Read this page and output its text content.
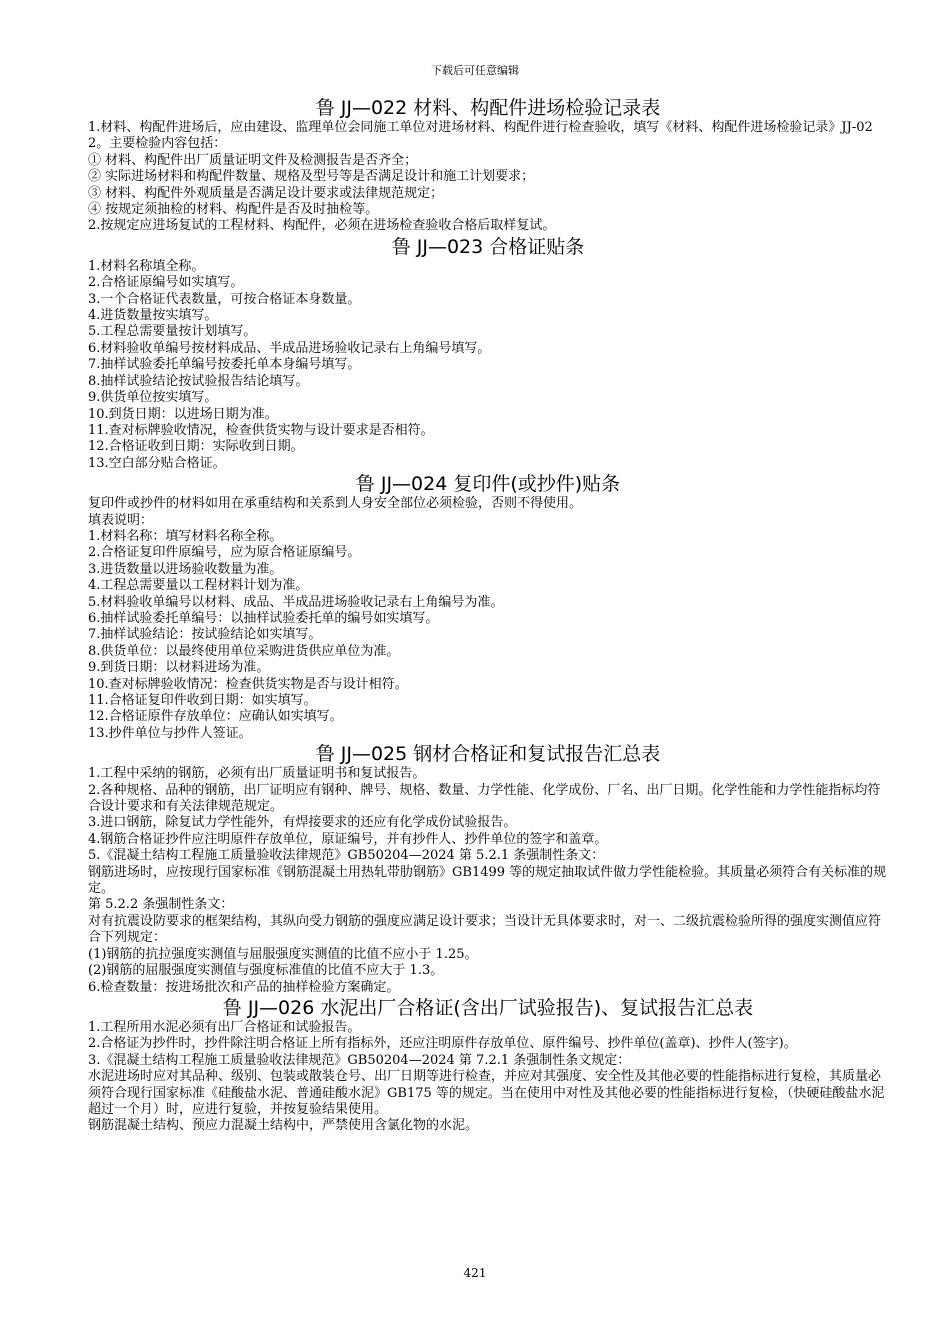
下载后可任意编辑
鲁 JJ—022 材料、构配件进场检验记录表

1.材料、构配件进场后，应由建设、监理单位会同施工单位对进场材料、构配件进行检查验收，填写《材料、构配件进场检验记录》JJ-022。主要检验内容包括：

① 材料、构配件出厂质量证明文件及检测报告是否齐全；

② 实际进场材料和构配件数量、规格及型号等是否满足设计和施工计划要求；

③ 材料、构配件外观质量是否满足设计要求或法律规范规定；

④ 按规定须抽检的材料、构配件是否及时抽检等。

2.按规定应进场复试的工程材料、构配件，必须在进场检查验收合格后取样复试。

鲁 JJ—023 合格证贴条

1.材料名称填全称。

2.合格证原编号如实填写。

3.一个合格证代表数量，可按合格证本身数量。

4.进货数量按实填写。

5.工程总需要量按计划填写。

6.材料验收单编号按材料成品、半成品进场验收记录右上角编号填写。

7.抽样试验委托单编号按委托单本身编号填写。

8.抽样试验结论按试验报告结论填写。

9.供货单位按实填写。

10.到货日期：以进场日期为准。

11.查对标牌验收情况，检查供货实物与设计要求是否相符。

12.合格证收到日期：实际收到日期。

13.空白部分贴合格证。

鲁 JJ—024 复印件(或抄件)贴条

复印件或抄件的材料如用在承重结构和关系到人身安全部位必须检验，否则不得使用。

填表说明：

1.材料名称：填写材料名称全称。

2.合格证复印件原编号，应为原合格证原编号。

3.进货数量以进场验收数量为准。

4.工程总需要量以工程材料计划为准。

5.材料验收单编号以材料、成品、半成品进场验收记录右上角编号为准。

6.抽样试验委托单编号：以抽样试验委托单的编号如实填写。

7.抽样试验结论：按试验结论如实填写。

8.供货单位：以最终使用单位采购进货供应单位为准。

9.到货日期：以材料进场为准。

10.查对标牌验收情况：检查供货实物是否与设计相符。

11.合格证复印件收到日期：如实填写。

12.合格证原件存放单位：应确认如实填写。

13.抄件单位与抄件人签证。

鲁 JJ—025 钢材合格证和复试报告汇总表

1.工程中采纳的钢筋，必须有出厂质量证明书和复试报告。

2.各种规格、品种的钢筋，出厂证明应有钢种、牌号、规格、数量、力学性能、化学成份、厂名、出厂日期。化学性能和力学性能指标均符合设计要求和有关法律规范规定。

3.进口钢筋，除复试力学性能外，有焊接要求的还应有化学成份试验报告。

4.钢筋合格证抄件应注明原件存放单位，原证编号，并有抄件人、抄件单位的签字和盖章。

5.《混凝土结构工程施工质量验收法律规范》GB50204—2024 第 5.2.1 条强制性条文：

钢筋进场时，应按现行国家标准《钢筋混凝土用热轧带肋钢筋》GB1499 等的规定抽取试件做力学性能检验。其质量必须符合有关标准的规定。

第 5.2.2 条强制性条文：

对有抗震设防要求的框架结构，其纵向受力钢筋的强度应满足设计要求；当设计无具体要求时，对一、二级抗震检验所得的强度实测值应符合下列规定：

(1)钢筋的抗拉强度实测值与屈服强度实测值的比值不应小于 1.25。

(2)钢筋的屈服强度实测值与强度标准值的比值不应大于 1.3。

6.检查数量：按进场批次和产品的抽样检验方案确定。

鲁 JJ—026 水泥出厂合格证(含出厂试验报告)、复试报告汇总表

1.工程所用水泥必须有出厂合格证和试验报告。

2.合格证为抄件时，抄件除注明合格证上所有指标外，还应注明原件存放单位、原件编号、抄件单位(盖章)、抄件人(签字)。

3.《混凝土结构工程施工质量验收法律规范》GB50204—2024 第 7.2.1 条强制性条文规定：

水泥进场时应对其品种、级别、包装或散装仓号、出厂日期等进行检查，并应对其强度、安全性及其他必要的性能指标进行复检，其质量必须符合现行国家标准《硅酸盐水泥、普通硅酸水泥》GB175 等的规定。当在使用中对性及其他必要的性能指标进行复检，（快硬硅酸盐水泥超过一个月）时，应进行复验，并按复验结果使用。

钢筋混凝土结构、预应力混凝土结构中，严禁使用含氯化物的水泥。

421
